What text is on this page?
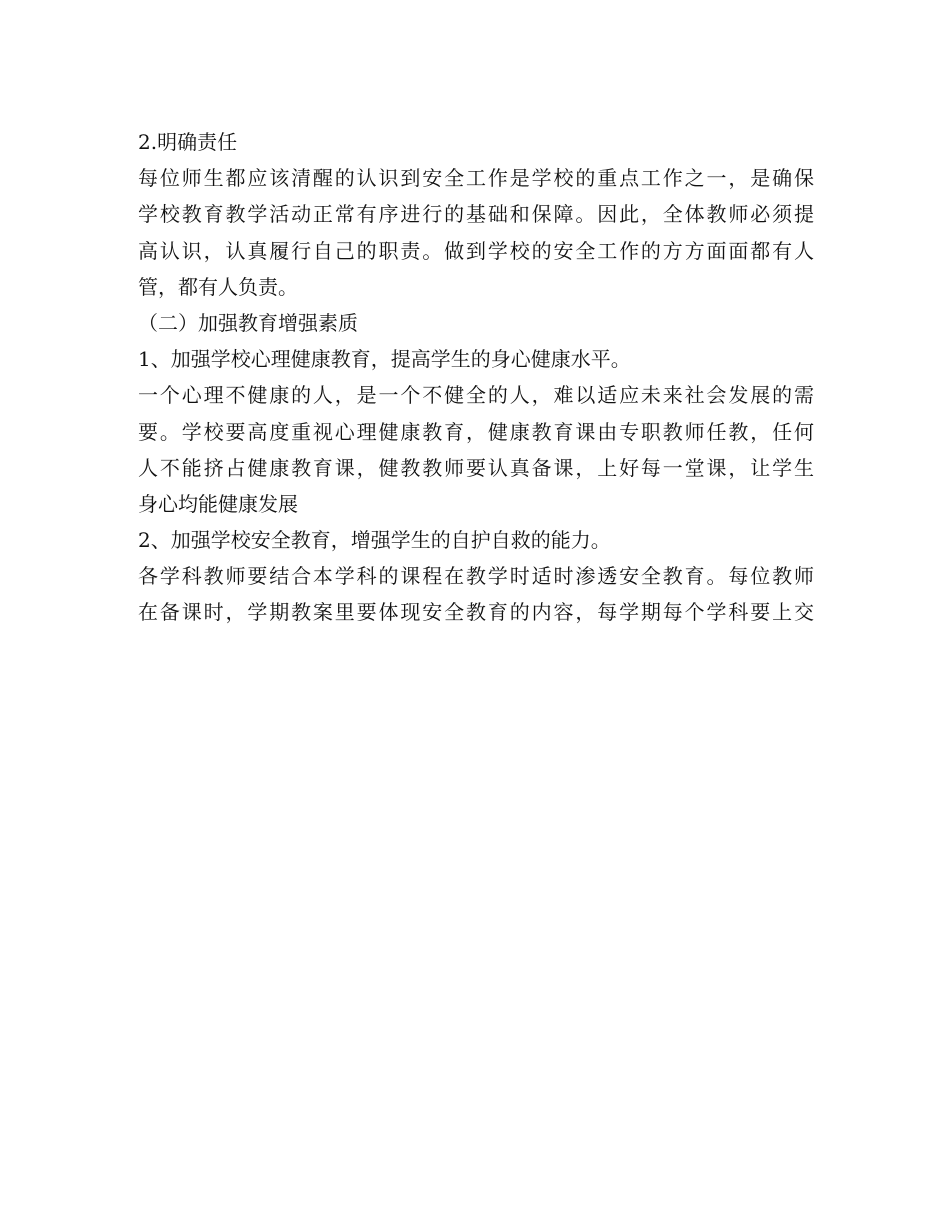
2.明确责任
每位师生都应该清醒的认识到安全工作是学校的重点工作之一，是确保
学校教育教学活动正常有序进行的基础和保障。因此，全体教师必须提
高认识，认真履行自己的职责。做到学校的安全工作的方方面面都有人
管，都有人负责。
（二）加强教育增强素质
1、加强学校心理健康教育，提高学生的身心健康水平。
一个心理不健康的人，是一个不健全的人，难以适应未来社会发展的需
要。学校要高度重视心理健康教育，健康教育课由专职教师任教，任何
人不能挤占健康教育课，健教教师要认真备课，上好每一堂课，让学生
身心均能健康发展
2、加强学校安全教育，增强学生的自护自救的能力。
各学科教师要结合本学科的课程在教学时适时渗透安全教育。每位教师
在备课时，学期教案里要体现安全教育的内容，每学期每个学科要上交
